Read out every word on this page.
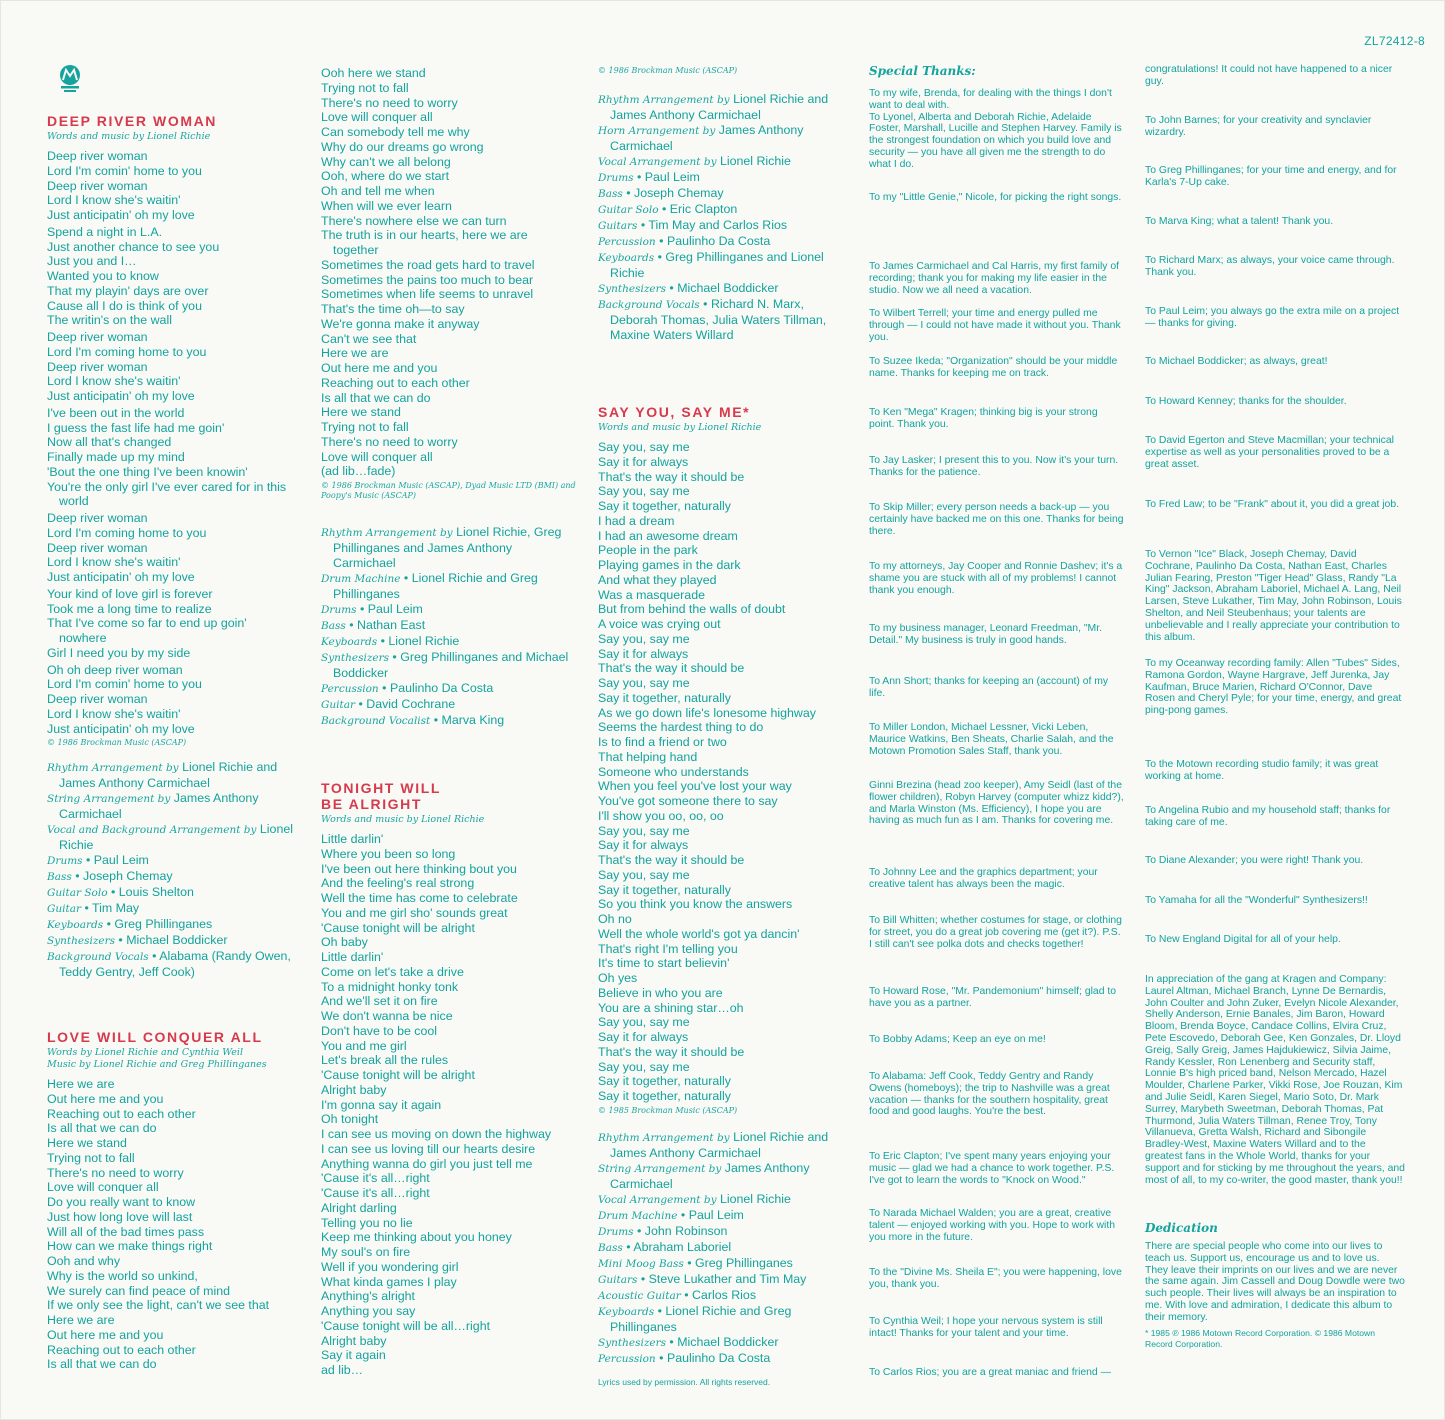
ZL72412-8
DEEP RIVER WOMAN
Words and music by Lionel Richie
Deep river woman
Lord I'm comin' home to you
Deep river woman
Lord I know she's waitin'
Just anticipatin' oh my love
Spend a night in L.A.
Just another chance to see you
Just you and I…
Wanted you to know
That my playin' days are over
Cause all I do is think of you
The writin's on the wall
Deep river woman
Lord I'm coming home to you
Deep river woman
Lord I know she's waitin'
Just anticipatin' oh my love
I've been out in the world
I guess the fast life had me goin'
Now all that's changed
Finally made up my mind
'Bout the one thing I've been knowin'
You're the only girl I've ever cared for in this world
Deep river woman
Lord I'm coming home to you
Deep river woman
Lord I know she's waitin'
Just anticipatin' oh my love
Your kind of love girl is forever
Took me a long time to realize
That I've come so far to end up goin' nowhere
Girl I need you by my side
Oh oh deep river woman
Lord I'm comin' home to you
Deep river woman
Lord I know she's waitin'
Just anticipatin' oh my love
© 1986 Brockman Music (ASCAP)
Rhythm Arrangement by Lionel Richie and James Anthony Carmichael
String Arrangement by James Anthony Carmichael
Vocal and Background Arrangement by Lionel Richie
Drums • Paul Leim
Bass • Joseph Chemay
Guitar Solo • Louis Shelton
Guitar • Tim May
Keyboards • Greg Phillinganes
Synthesizers • Michael Boddicker
Background Vocals • Alabama (Randy Owen, Teddy Gentry, Jeff Cook)
LOVE WILL CONQUER ALL
Words by Lionel Richie and Cynthia Weil
Music by Lionel Richie and Greg Phillinganes
Here we are
Out here me and you
Reaching out to each other
Is all that we can do
Here we stand
Trying not to fall
There's no need to worry
Love will conquer all
Do you really want to know
Just how long love will last
Will all of the bad times pass
How can we make things right
Ooh and why
Why is the world so unkind,
We surely can find peace of mind
If we only see the light, can't we see that
Here we are
Out here me and you
Reaching out to each other
Is all that we can do
Ooh here we stand
Trying not to fall
There's no need to worry
Love will conquer all
Can somebody tell me why
Why do our dreams go wrong
Why can't we all belong
Ooh, where do we start
Oh and tell me when
When will we ever learn
There's nowhere else we can turn
The truth is in our hearts, here we are together
Sometimes the road gets hard to travel
Sometimes the pains too much to bear
Sometimes when life seems to unravel
That's the time oh—to say
We're gonna make it anyway
Can't we see that
Here we are
Out here me and you
Reaching out to each other
Is all that we can do
Here we stand
Trying not to fall
There's no need to worry
Love will conquer all
(ad lib…fade)
© 1986 Brockman Music (ASCAP), Dyad Music LTD (BMI) and Poopy's Music (ASCAP)
Rhythm Arrangement by Lionel Richie, Greg Phillinganes and James Anthony Carmichael
Drum Machine • Lionel Richie and Greg Phillinganes
Drums • Paul Leim
Bass • Nathan East
Keyboards • Lionel Richie
Synthesizers • Greg Phillinganes and Michael Boddicker
Percussion • Paulinho Da Costa
Guitar • David Cochrane
Background Vocalist • Marva King
TONIGHT WILL
BE ALRIGHT
Words and music by Lionel Richie
Little darlin'
Where you been so long
I've been out here thinking bout you
And the feeling's real strong
Well the time has come to celebrate
You and me girl sho' sounds great
'Cause tonight will be alright
Oh baby
Little darlin'
Come on let's take a drive
To a midnight honky tonk
And we'll set it on fire
We don't wanna be nice
Don't have to be cool
You and me girl
Let's break all the rules
'Cause tonight will be alright
Alright baby
I'm gonna say it again
Oh tonight
I can see us moving on down the highway
I can see us loving till our hearts desire
Anything wanna do girl you just tell me
'Cause it's all…right
'Cause it's all…right
Alright darling
Telling you no lie
Keep me thinking about you honey
My soul's on fire
Well if you wondering girl
What kinda games I play
Anything's alright
Anything you say
'Cause tonight will be all…right
Alright baby
Say it again
ad lib…
© 1986 Brockman Music (ASCAP)
Rhythm Arrangement by Lionel Richie and James Anthony Carmichael
Horn Arrangement by James Anthony Carmichael
Vocal Arrangement by Lionel Richie
Drums • Paul Leim
Bass • Joseph Chemay
Guitar Solo • Eric Clapton
Guitars • Tim May and Carlos Rios
Percussion • Paulinho Da Costa
Keyboards • Greg Phillinganes and Lionel Richie
Synthesizers • Michael Boddicker
Background Vocals • Richard N. Marx, Deborah Thomas, Julia Waters Tillman, Maxine Waters Willard
SAY YOU, SAY ME*
Words and music by Lionel Richie
Say you, say me
Say it for always
That's the way it should be
Say you, say me
Say it together, naturally
I had a dream
I had an awesome dream
People in the park
Playing games in the dark
And what they played
Was a masquerade
But from behind the walls of doubt
A voice was crying out
Say you, say me
Say it for always
That's the way it should be
Say you, say me
Say it together, naturally
As we go down life's lonesome highway
Seems the hardest thing to do
Is to find a friend or two
That helping hand
Someone who understands
When you feel you've lost your way
You've got someone there to say
I'll show you oo, oo, oo
Say you, say me
Say it for always
That's the way it should be
Say you, say me
Say it together, naturally
So you think you know the answers
Oh no
Well the whole world's got ya dancin'
That's right I'm telling you
It's time to start believin'
Oh yes
Believe in who you are
You are a shining star…oh
Say you, say me
Say it for always
That's the way it should be
Say you, say me
Say it together, naturally
Say it together, naturally
© 1985 Brockman Music (ASCAP)
Rhythm Arrangement by Lionel Richie and James Anthony Carmichael
String Arrangement by James Anthony Carmichael
Vocal Arrangement by Lionel Richie
Drum Machine • Paul Leim
Drums • John Robinson
Bass • Abraham Laboriel
Mini Moog Bass • Greg Phillinganes
Guitars • Steve Lukather and Tim May
Acoustic Guitar • Carlos Rios
Keyboards • Lionel Richie and Greg Phillinganes
Synthesizers • Michael Boddicker
Percussion • Paulinho Da Costa
Lyrics used by permission. All rights reserved.
Special Thanks:
To my wife, Brenda, for dealing with the things I don't want to deal with.
To Lyonel, Alberta and Deborah Richie, Adelaide Foster, Marshall, Lucille and Stephen Harvey. Family is the strongest foundation on which you build love and security — you have all given me the strength to do what I do.
To my "Little Genie," Nicole, for picking the right songs.
To James Carmichael and Cal Harris, my first family of recording; thank you for making my life easier in the studio. Now we all need a vacation.
To Wilbert Terrell; your time and energy pulled me through — I could not have made it without you. Thank you.
To Suzee Ikeda; "Organization" should be your middle name. Thanks for keeping me on track.
To Ken "Mega" Kragen; thinking big is your strong point. Thank you.
To Jay Lasker; I present this to you. Now it's your turn. Thanks for the patience.
To Skip Miller; every person needs a back-up — you certainly have backed me on this one. Thanks for being there.
To my attorneys, Jay Cooper and Ronnie Dashev; it's a shame you are stuck with all of my problems! I cannot thank you enough.
To my business manager, Leonard Freedman, "Mr. Detail." My business is truly in good hands.
To Ann Short; thanks for keeping an (account) of my life.
To Miller London, Michael Lessner, Vicki Leben, Maurice Watkins, Ben Sheats, Charlie Salah, and the Motown Promotion Sales Staff, thank you.
Ginni Brezina (head zoo keeper), Amy Seidl (last of the flower children), Robyn Harvey (computer whizz kidd?), and Marla Winston (Ms. Efficiency), I hope you are having as much fun as I am. Thanks for covering me.
To Johnny Lee and the graphics department; your creative talent has always been the magic.
To Bill Whitten; whether costumes for stage, or clothing for street, you do a great job covering me (get it?). P.S. I still can't see polka dots and checks together!
To Howard Rose, "Mr. Pandemonium" himself; glad to have you as a partner.
To Bobby Adams; Keep an eye on me!
To Alabama: Jeff Cook, Teddy Gentry and Randy Owens (homeboys); the trip to Nashville was a great vacation — thanks for the southern hospitality, great food and good laughs. You're the best.
To Eric Clapton; I've spent many years enjoying your music — glad we had a chance to work together. P.S. I've got to learn the words to "Knock on Wood."
To Narada Michael Walden; you are a great, creative talent — enjoyed working with you. Hope to work with you more in the future.
To the "Divine Ms. Sheila E"; you were happening, love you, thank you.
To Cynthia Weil; I hope your nervous system is still intact! Thanks for your talent and your time.
To Carlos Rios; you are a great maniac and friend —
congratulations! It could not have happened to a nicer guy.
To John Barnes; for your creativity and synclavier wizardry.
To Greg Phillinganes; for your time and energy, and for Karla's 7-Up cake.
To Marva King; what a talent! Thank you.
To Richard Marx; as always, your voice came through. Thank you.
To Paul Leim; you always go the extra mile on a project — thanks for giving.
To Michael Boddicker; as always, great!
To Howard Kenney; thanks for the shoulder.
To David Egerton and Steve Macmillan; your technical expertise as well as your personalities proved to be a great asset.
To Fred Law; to be "Frank" about it, you did a great job.
To Vernon "Ice" Black, Joseph Chemay, David Cochrane, Paulinho Da Costa, Nathan East, Charles Julian Fearing, Preston "Tiger Head" Glass, Randy "La King" Jackson, Abraham Laboriel, Michael A. Lang, Neil Larsen, Steve Lukather, Tim May, John Robinson, Louis Shelton, and Neil Steubenhaus; your talents are unbelievable and I really appreciate your contribution to this album.
To my Oceanway recording family: Allen "Tubes" Sides, Ramona Gordon, Wayne Hargrave, Jeff Jurenka, Jay Kaufman, Bruce Marien, Richard O'Connor, Dave Rosen and Cheryl Pyle; for your time, energy, and great ping-pong games.
To the Motown recording studio family; it was great working at home.
To Angelina Rubio and my household staff; thanks for taking care of me.
To Diane Alexander; you were right! Thank you.
To Yamaha for all the "Wonderful" Synthesizers!!
To New England Digital for all of your help.
In appreciation of the gang at Kragen and Company: Laurel Altman, Michael Branch, Lynne De Bernardis, John Coulter and John Zuker, Evelyn Nicole Alexander, Shelly Anderson, Ernie Banales, Jim Baron, Howard Bloom, Brenda Boyce, Candace Collins, Elvira Cruz, Pete Escovedo, Deborah Gee, Ken Gonzales, Dr. Lloyd Greig, Sally Greig, James Hajdukiewicz, Silvia Jaime, Randy Kessler, Ron Lenenberg and Security staff, Lonnie B's high priced band, Nelson Mercado, Hazel Moulder, Charlene Parker, Vikki Rose, Joe Rouzan, Kim and Julie Seidl, Karen Siegel, Mario Soto, Dr. Mark Surrey, Marybeth Sweetman, Deborah Thomas, Pat Thurmond, Julia Waters Tillman, Renee Troy, Tony Villanueva, Gretta Walsh, Richard and Sibongile Bradley-West, Maxine Waters Willard and to the greatest fans in the Whole World, thanks for your support and for sticking by me throughout the years, and most of all, to my co-writer, the good master, thank you!!
Dedication
There are special people who come into our lives to teach us. Support us, encourage us and to love us. They leave their imprints on our lives and we are never the same again. Jim Cassell and Doug Dowdle were two such people. Their lives will always be an inspiration to me. With love and admiration, I dedicate this album to their memory.
* 1985 ℗ 1986 Motown Record Corporation. © 1986 Motown Record Corporation.
